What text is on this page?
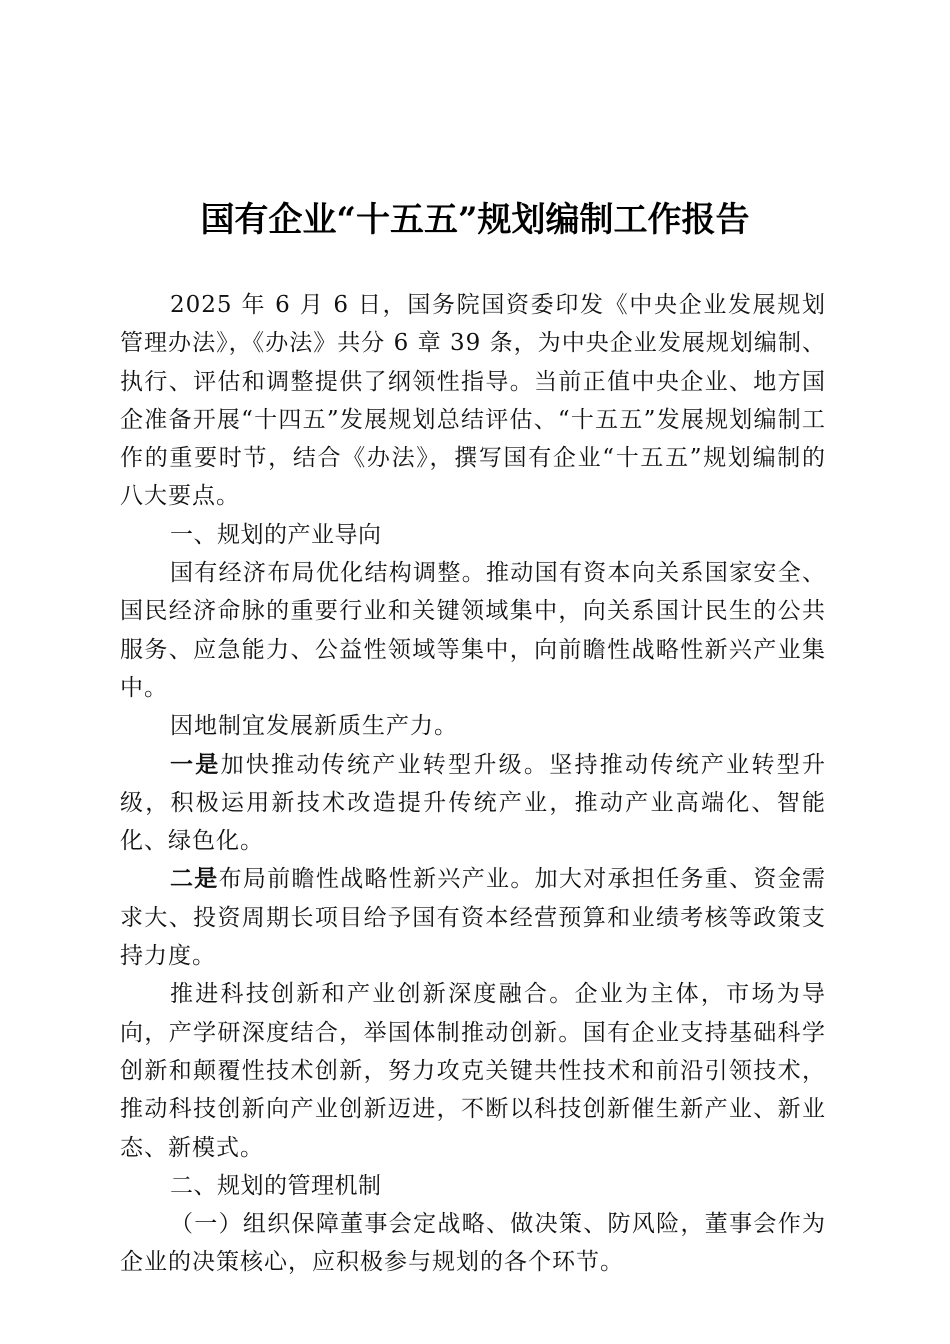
国有企业“十五五”规划编制工作报告

2025 年 6 月 6 日，国务院国资委印发《中央企业发展规划管理办法》，《办法》共分 6 章 39 条，为中央企业发展规划编制、执行、评估和调整提供了纲领性指导。当前正值中央企业、地方国企准备开展“十四五”发展规划总结评估、“十五五”发展规划编制工作的重要时节，结合《办法》，撰写国有企业“十五五”规划编制的八大要点。

一、规划的产业导向

国有经济布局优化结构调整。推动国有资本向关系国家安全、国民经济命脉的重要行业和关键领域集中，向关系国计民生的公共服务、应急能力、公益性领域等集中，向前瞻性战略性新兴产业集中。

因地制宜发展新质生产力。

一是加快推动传统产业转型升级。坚持推动传统产业转型升级，积极运用新技术改造提升传统产业，推动产业高端化、智能化、绿色化。

二是布局前瞻性战略性新兴产业。加大对承担任务重、资金需求大、投资周期长项目给予国有资本经营预算和业绩考核等政策支持力度。

推进科技创新和产业创新深度融合。企业为主体，市场为导向，产学研深度结合，举国体制推动创新。国有企业支持基础科学创新和颠覆性技术创新，努力攻克关键共性技术和前沿引领技术，推动科技创新向产业创新迈进，不断以科技创新催生新产业、新业态、新模式。

二、规划的管理机制

（一）组织保障董事会定战略、做决策、防风险，董事会作为企业的决策核心，应积极参与规划的各个环节。
